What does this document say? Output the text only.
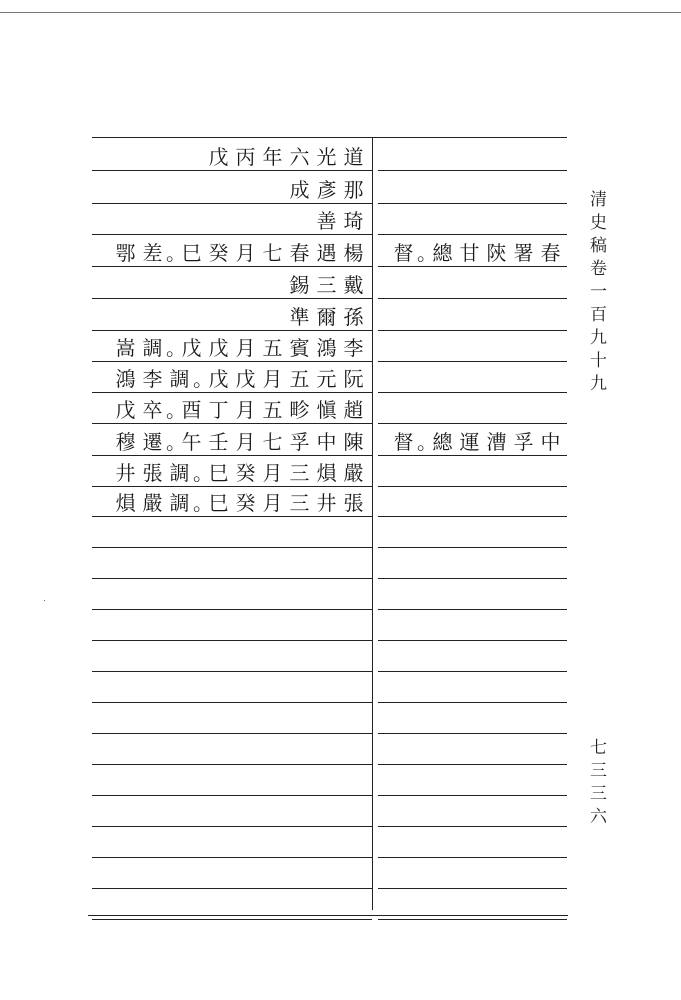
戊 丙 年 六 光 道
成 彥 那
善 琦
鄂 差 。
巳 癸 月 七 春 遇 楊 督 。
總 甘 陝 署 春
錫 三 戴
準 爾 孫
嵩 調 。
戊 戊 月 五 賓 鴻 李
鴻 李 調 。
戊 戊 月 五 元 阮
戊 卒 。
酉 丁 月 五 畛 愼 趙
穆 遷 。
午 壬 月 七 孚 中 陳 督 。
總 運 漕 孚 中
井 張 調 。
巳 癸 月 三 熉 嚴
熉 嚴 調 。
巳 癸 月 三 井 張
清史稿卷一百九十九
七三三六
